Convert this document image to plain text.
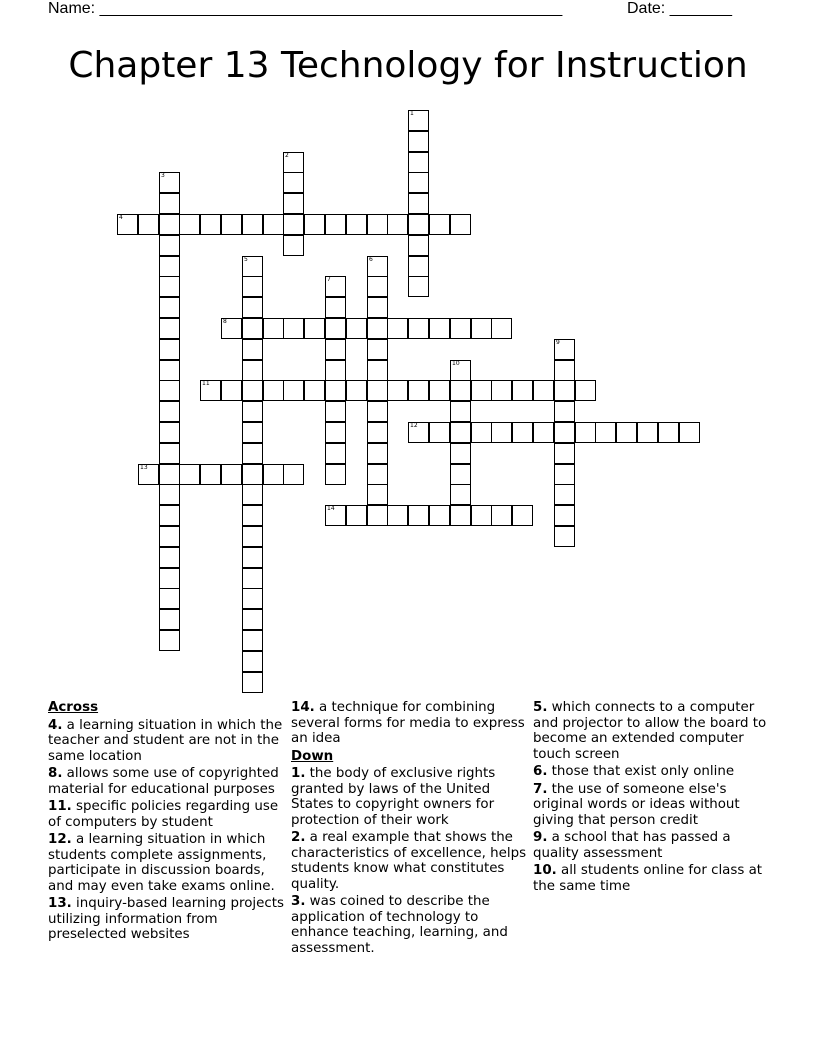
Name: ____________________________________________________	Date: _______
Chapter 13 Technology for Instruction
1
2
3
4
5	6
7
8
9
10
11
12
13
14
Across
4. a learning situation in which the teacher and student are not in the same location
8. allows some use of copyrighted material for educational purposes
11. specific policies regarding use of computers by student
12. a learning situation in which students complete assignments, participate in discussion boards, and may even take exams online.
13. inquiry-based learning projects utilizing information from preselected websites
14. a technique for combining several forms for media to express an idea
Down
1. the body of exclusive rights granted by laws of the United States to copyright owners for protection of their work
2. a real example that shows the characteristics of excellence, helps students know what constitutes quality.
3. was coined to describe the application of technology to enhance teaching, learning, and assessment.
5. which connects to a computer and projector to allow the board to become an extended computer touch screen
6. those that exist only online
7. the use of someone else's original words or ideas without giving that person credit
9. a school that has passed a quality assessment
10. all students online for class at the same time
